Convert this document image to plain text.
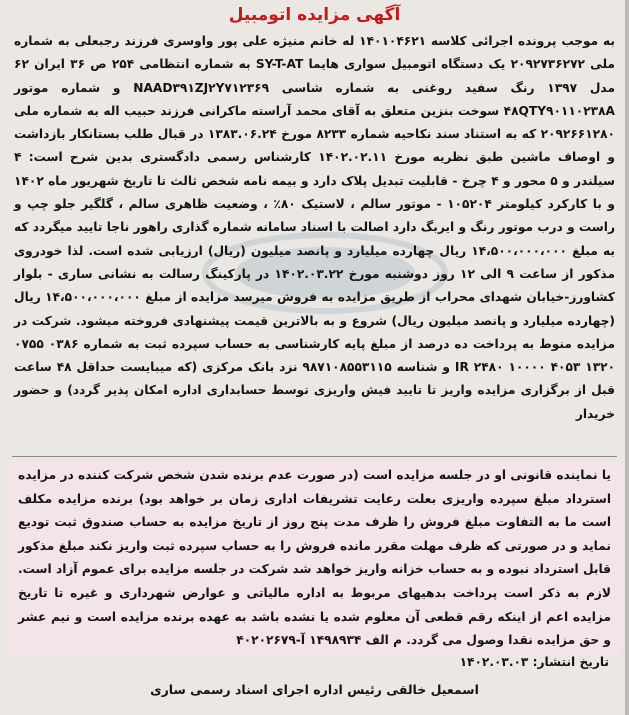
آگهی مزایده اتومبیل
به موجب پرونده اجرائی کلاسه ۱۴۰۱۰۴۶۲۱ له خانم منیژه علی پور واوسری فرزند رجبعلی به شماره ملی ۲۰۹۲۷۳۶۲۷۲ یک دستگاه اتومبیل سواری هایما SY-T-AT به شماره انتظامی ۲۵۴ ص ۳۶ ایران ۶۲ مدل ۱۳۹۷ رنگ سفید روغنی به شماره شاسی NAAD۳۹۱ZJ۲Y۷۱۲۳۶۹ و شماره موتور ۴۸QTY۹۰۱۱۰۲۳۸A سوخت بنزین متعلق به آقای محمد آراسته ماکرانی فرزند حبیب اله به شماره ملی ۲۰۹۲۶۶۱۲۸۰ که به استناد سند نکاحیه شماره ۸۲۳۳ مورخ ۱۳۸۳.۰۶.۲۴ در قبال طلب بستانکار بازداشت و اوصاف ماشین طبق نظریه مورخ ۱۴۰۲.۰۲.۱۱ کارشناس رسمی دادگستری بدین شرح است: ۴ سیلندر و ۵ محور و ۴ چرخ - قابلیت تبدیل پلاک دارد و بیمه نامه شخص ثالث تا تاریخ شهریور ماه ۱۴۰۲ و با کارکرد کیلومتر ۱۰۵۲۰۴ - موتور سالم ، لاستیک ۸۰٪ ، وضعیت ظاهری سالم ، گلگیر جلو چپ و راست و درب موتور رنگ و ایربگ دارد اصالت با اسناد سامانه شماره گذاری راهور ناجا تایید میگردد که به مبلغ ۱۴،۵۰۰،۰۰۰،۰۰۰ ریال چهارده میلیارد و پانصد میلیون (ریال) ارزیابی شده است. لذا خودروی مذکور از ساعت ۹ الی ۱۲ روز دوشنبه مورخ ۱۴۰۲.۰۳.۲۲ در پارکینگ رسالت به نشانی ساری - بلوار کشاورز-خیابان شهدای محراب از طریق مزایده به فروش میرسد مزایده از مبلغ ۱۴،۵۰۰،۰۰۰،۰۰۰ ریال (چهارده میلیارد و پانصد میلیون ریال) شروع و به بالاترین قیمت پیشنهادی فروخته میشود. شرکت در مزایده منوط به پرداخت ده درصد از مبلغ پایه کارشناسی به حساب سپرده ثبت به شماره ۰۳۸۶ ۰۷۵۵ ۱۳۲۰ ۴۰۵۳ ۱۰۰۰۰ ۲۴۸۰ IR و شناسه ۹۸۷۱۰۸۵۵۳۱۱۵ نزد بانک مرکزی (که میبایست حداقل ۴۸ ساعت قبل از برگزاری مزایده واریز تا تایید فیش واریزی توسط حسابداری اداره امکان پذیر گردد) و حضور خریدار
یا نماینده قانونی او در جلسه مزایده است (در صورت عدم برنده شدن شخص شرکت کننده در مزایده استرداد مبلغ سپرده واریزی بعلت رعایت تشریفات اداری زمان بر خواهد بود) برنده مزایده مکلف است ما به التفاوت مبلغ فروش را ظرف مدت پنج روز از تاریخ مزایده به حساب صندوق ثبت تودیع نماید و در صورتی که ظرف مهلت مقرر مانده فروش را به حساب سپرده ثبت واریز نکند مبلغ مذکور قابل استرداد نبوده و به حساب خزانه واریز خواهد شد شرکت در جلسه مزایده برای عموم آزاد است. لازم به ذکر است پرداخت بدهیهای مربوط به اداره مالیاتی و عوارض شهرداری و غیره تا تاریخ مزایده اعم از اینکه رقم قطعی آن معلوم شده یا نشده باشد به عهده برنده مزایده است و نیم عشر و حق مزایده نقدا وصول می گردد. م الف ۱۴۹۸۹۳۴ آ-۴۰۲۰۲۶۷۹
تاریخ انتشار: ۱۴۰۲.۰۳.۰۳
اسمعیل خالقی رئیس اداره اجرای اسناد رسمی ساری
